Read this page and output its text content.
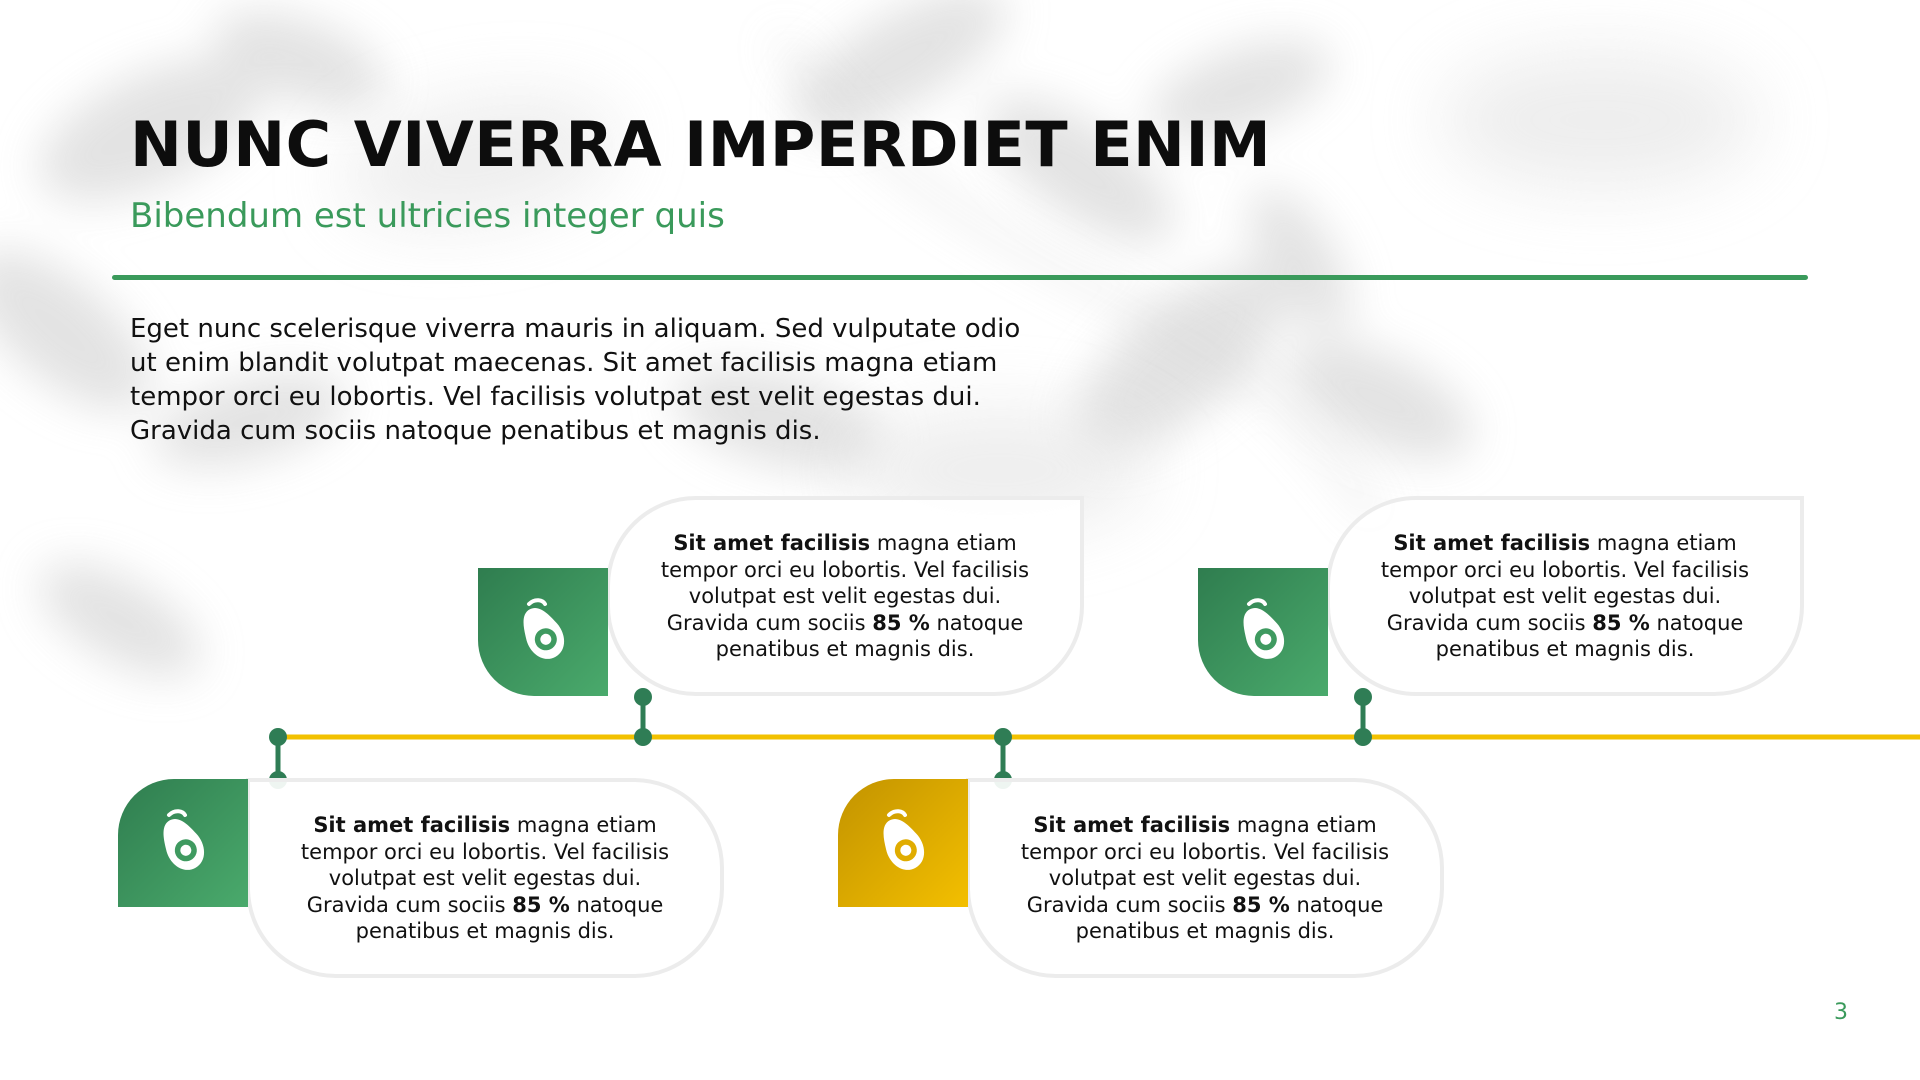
NUNC VIVERRA IMPERDIET ENIM
Bibendum est ultricies integer quis
Eget nunc scelerisque viverra mauris in aliquam. Sed vulputate odio ut enim blandit volutpat maecenas. Sit amet facilisis magna etiam tempor orci eu lobortis. Vel facilisis volutpat est velit egestas dui. Gravida cum sociis natoque penatibus et magnis dis.
Sit amet facilisis magna etiam tempor orci eu lobortis. Vel facilisis volutpat est velit egestas dui. Gravida cum sociis 85 % natoque penatibus et magnis dis.
Sit amet facilisis magna etiam tempor orci eu lobortis. Vel facilisis volutpat est velit egestas dui. Gravida cum sociis 85 % natoque penatibus et magnis dis.
Sit amet facilisis magna etiam tempor orci eu lobortis. Vel facilisis volutpat est velit egestas dui. Gravida cum sociis 85 % natoque penatibus et magnis dis.
Sit amet facilisis magna etiam tempor orci eu lobortis. Vel facilisis volutpat est velit egestas dui. Gravida cum sociis 85 % natoque penatibus et magnis dis.
3
